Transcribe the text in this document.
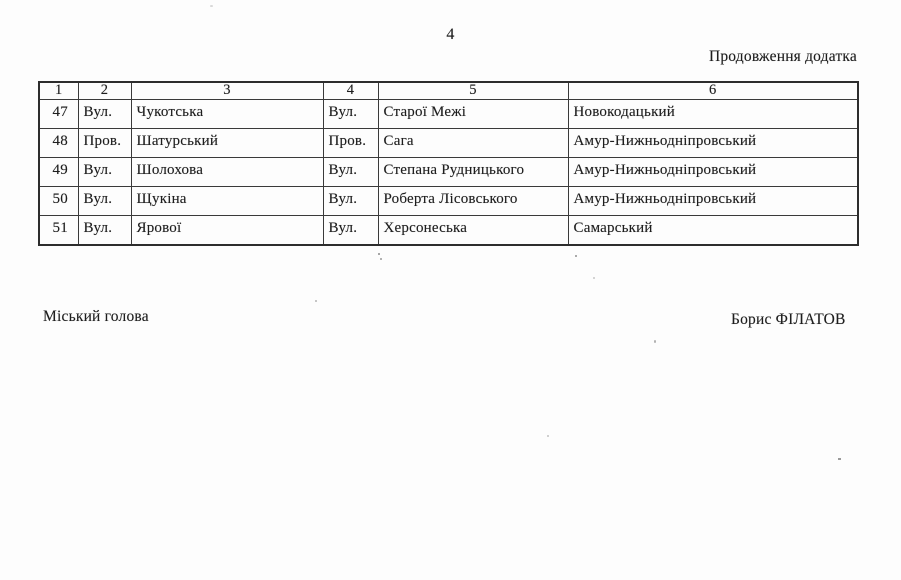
4
Продовження додатка
1	2	3	4	5	6
47	Вул.	Чукотська	Вул.	Старої Межі	Новокодацький
48	Пров.	Шатурський	Пров.	Сага	Амур-Нижньодніпровський
49	Вул.	Шолохова	Вул.	Степана Рудницького	Амур-Нижньодніпровський
50	Вул.	Щукіна	Вул.	Роберта Лісовського	Амур-Нижньодніпровський
51	Вул.	Ярової	Вул.	Херсонеська	Самарський
Міський голова	Борис ФІЛАТОВ
